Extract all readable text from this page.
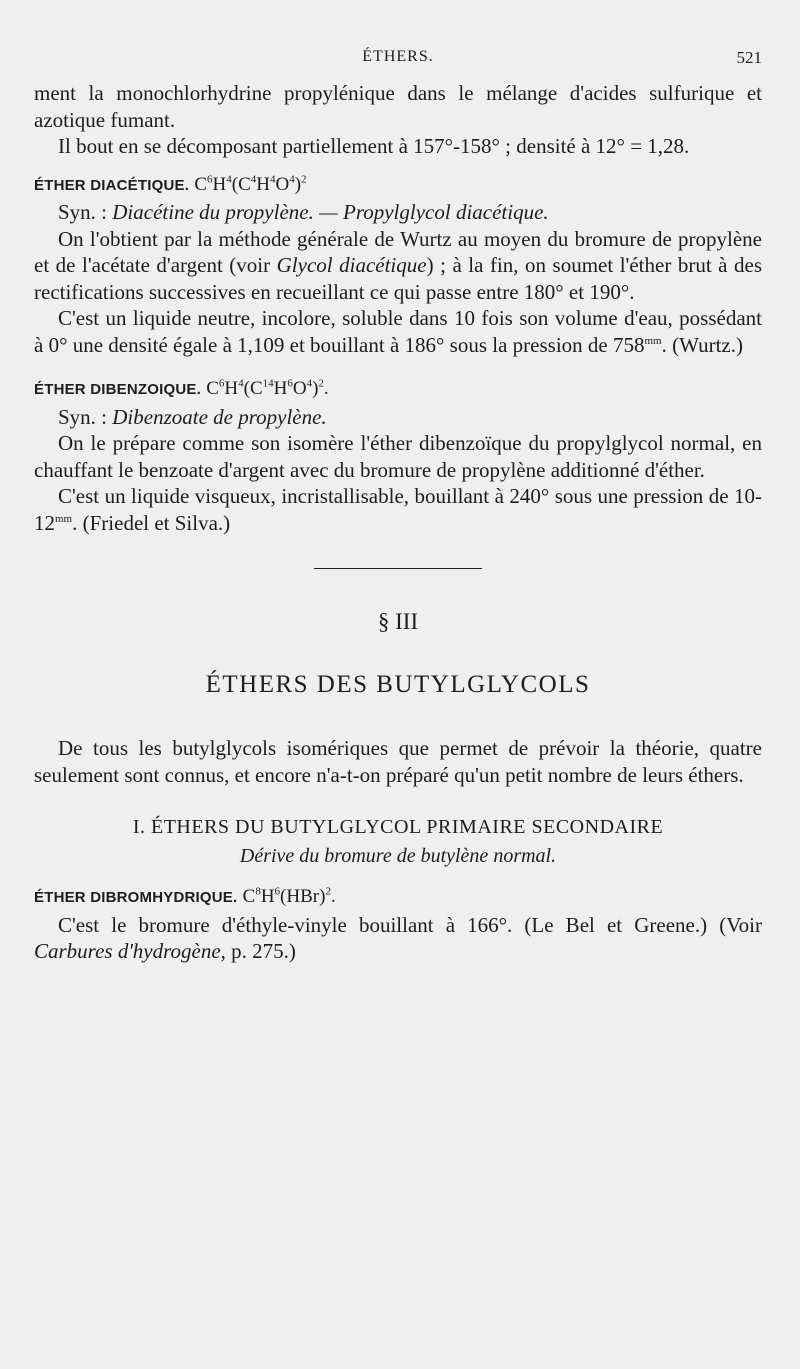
ÉTHERS.	521

ment la monochlorhydrine propylénique dans le mélange d'acides sulfurique et azotique fumant.

Il bout en se décomposant partiellement à 157°-158° ; densité à 12° = 1,28.

ÉTHER DIACÉTIQUE. $C^6H^4(C^4H^4O^4)^2$

Syn. : Diacétine du propylène. — Propylglycol diacétique.

On l'obtient par la méthode générale de Wurtz au moyen du bromure de propylène et de l'acétate d'argent (voir Glycol diacétique) ; à la fin, on soumet l'éther brut à des rectifications successives en recueillant ce qui passe entre 180° et 190°.

C'est un liquide neutre, incolore, soluble dans 10 fois son volume d'eau, possédant à 0° une densité égale à 1,109 et bouillant à 186° sous la pression de $758^{mm}$. (Wurtz.)

ÉTHER DIBENZOIQUE. $C^6H^4(C^{14}H^6O^4)^2$.

Syn. : Dibenzoate de propylène.

On le prépare comme son isomère l'éther dibenzoïque du propylglycol normal, en chauffant le benzoate d'argent avec du bromure de propylène additionné d'éther.

C'est un liquide visqueux, incristallisable, bouillant à 240° sous une pression de $10-12^{mm}$. (Friedel et Silva.)

§ III
ÉTHERS DES BUTYLGLYCOLS

De tous les butylglycols isomériques que permet de prévoir la théorie, quatre seulement sont connus, et encore n'a-t-on préparé qu'un petit nombre de leurs éthers.

I. ÉTHERS DU BUTYLGLYCOL PRIMAIRE SECONDAIRE
Dérive du bromure de butylène normal.

ÉTHER DIBROMHYDRIQUE. $C^8H^6(HBr)^2$.

C'est le bromure d'éthyle-vinyle bouillant à 166°. (Le Bel et Greene.) (Voir Carbures d'hydrogène, p. 275.)
